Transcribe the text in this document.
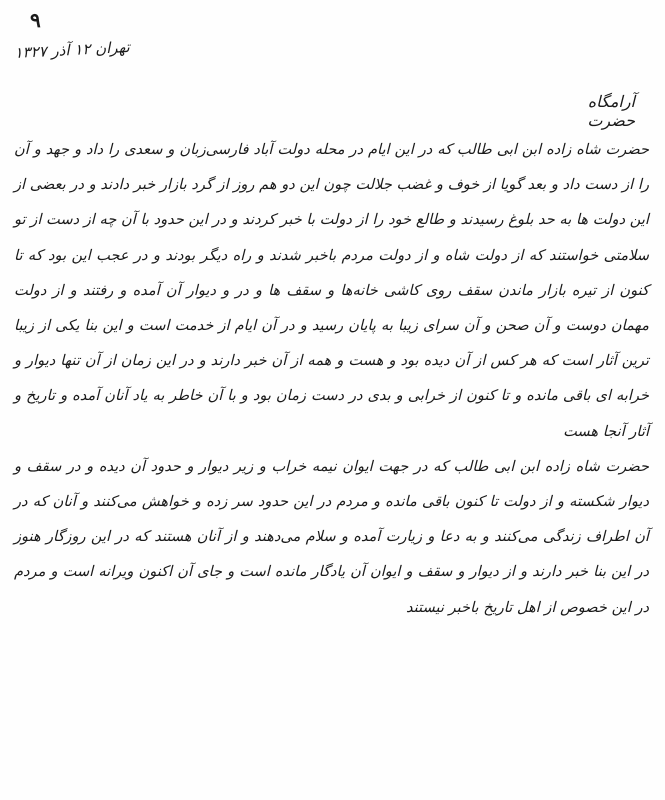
۹
تهران ۱۲ آذر ۱۳۲۷
آرامگاه حضرت

حضرت شاه زاده ابن ابی طالب که در این ایام در محله دولت آباد فارسی‌زبان و سعدی را داد و جهد و آن را از دست داد و بعد گویا از خوف و غضب جلالت چون این دو هم روز از گرد بازار خبر دادند و در بعضی از این دولت ها به حد بلوغ رسیدند و طالع خود را از دولت با خبر کردند و در این حدود با آن چه از دست از تو سلامتی خواستند که از دولت شاه و از دولت مردم باخبر شدند و راه دیگر بودند و در عجب این بود که تا کنون از تیره بازار ماندن سقف روی کاشی خانه‌ها و سقف ها و در و دیوار آن آمده و رفتند و از دولت مهمان دوست و آن صحن و آن سرای زیبا به پایان رسید و در آن ایام از خدمت است و این بنا یکی از زیبا ترین آثار است که هر کس از آن دیده بود و هست و همه از آن خبر دارند و در این زمان از آن تنها دیوار و خرابه ای باقی مانده و تا کنون از خرابی و بدی در دست زمان بود و با آن خاطر به یاد آنان آمده و تاریخ و آثار آنجا هست

حضرت شاه زاده ابن ابی طالب که در جهت ایوان نیمه خراب و زیر دیوار و حدود آن دیده و در سقف و دیوار شکسته و از دولت تا کنون باقی مانده و مردم در این حدود سر زده و خواهش می‌کنند و آنان که در آن اطراف زندگی می‌کنند و به دعا و زیارت آمده و سلام می‌دهند و از آنان هستند که در این روزگار هنوز در این بنا خبر دارند و از دیوار و سقف و ایوان آن یادگار مانده است و جای آن اکنون ویرانه است و مردم در این خصوص از اهل تاریخ باخبر نیستند
